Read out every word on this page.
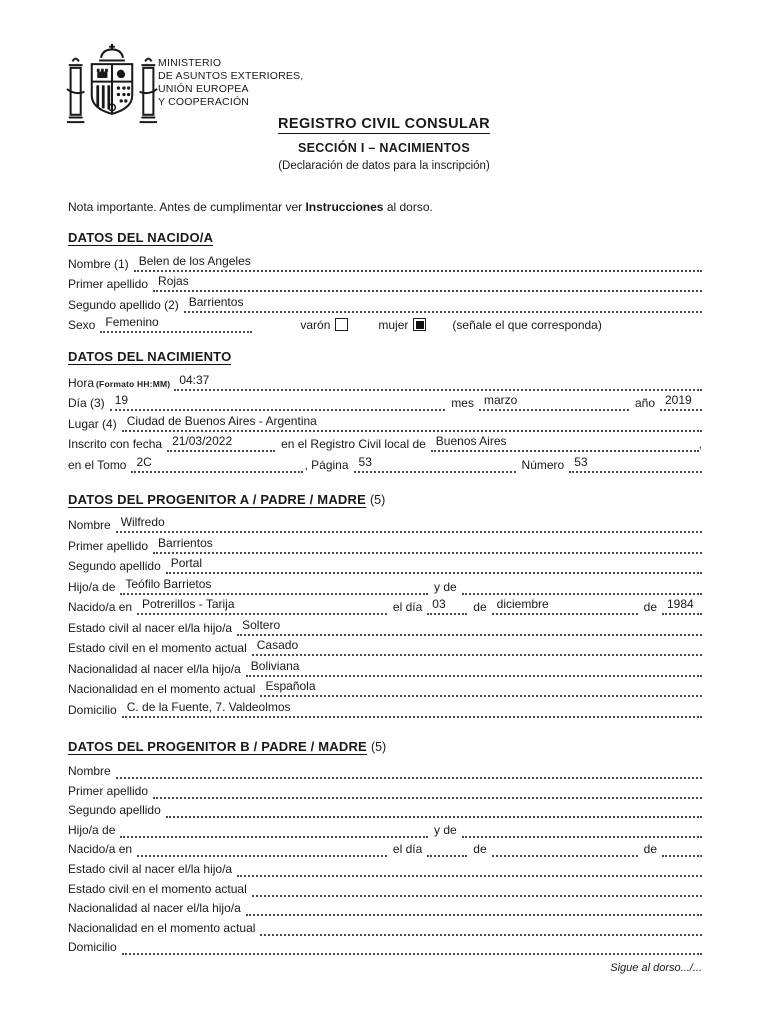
MINISTERIO
DE ASUNTOS EXTERIORES,
UNIÓN EUROPEA
Y COOPERACIÓN
REGISTRO CIVIL CONSULAR
SECCIÓN I – NACIMIENTOS
(Declaración de datos para la inscripción)
Nota importante. Antes de cumplimentar ver Instrucciones al dorso.
DATOS DEL NACIDO/A
Nombre (1) Belen de los Angeles
Primer apellido Rojas
Segundo apellido (2) Barrientos
Sexo Femenino	varón	mujer	(señale el que corresponda)
DATOS DEL NACIMIENTO
Hora (Formato HH:MM) 04:37
Día (3) 19	mes marzo	año 2019
Lugar (4) Ciudad de Buenos Aires - Argentina
Inscrito con fecha 21/03/2022	en el Registro Civil local de Buenos Aires	,
en el Tomo 2C	, Página 53	Número 53
DATOS DEL PROGENITOR A / PADRE / MADRE (5)
Nombre Wilfredo
Primer apellido Barrientos
Segundo apellido Portal
Hijo/a de Teófilo Barrietos	y de
Nacido/a en Potrerillos - Tarija	el día 03	de diciembre	de 1984
Estado civil al nacer el/la hijo/a Soltero
Estado civil en el momento actual Casado
Nacionalidad al nacer el/la hijo/a Boliviana
Nacionalidad en el momento actual Española
Domicilio C. de la Fuente, 7. Valdeolmos
DATOS DEL PROGENITOR B / PADRE / MADRE (5)
Nombre
Primer apellido
Segundo apellido
Hijo/a de	y de
Nacido/a en	el día	de	de
Estado civil al nacer el/la hijo/a
Estado civil en el momento actual
Nacionalidad al nacer el/la hijo/a
Nacionalidad en el momento actual
Domicilio
Sigue al dorso.../...
